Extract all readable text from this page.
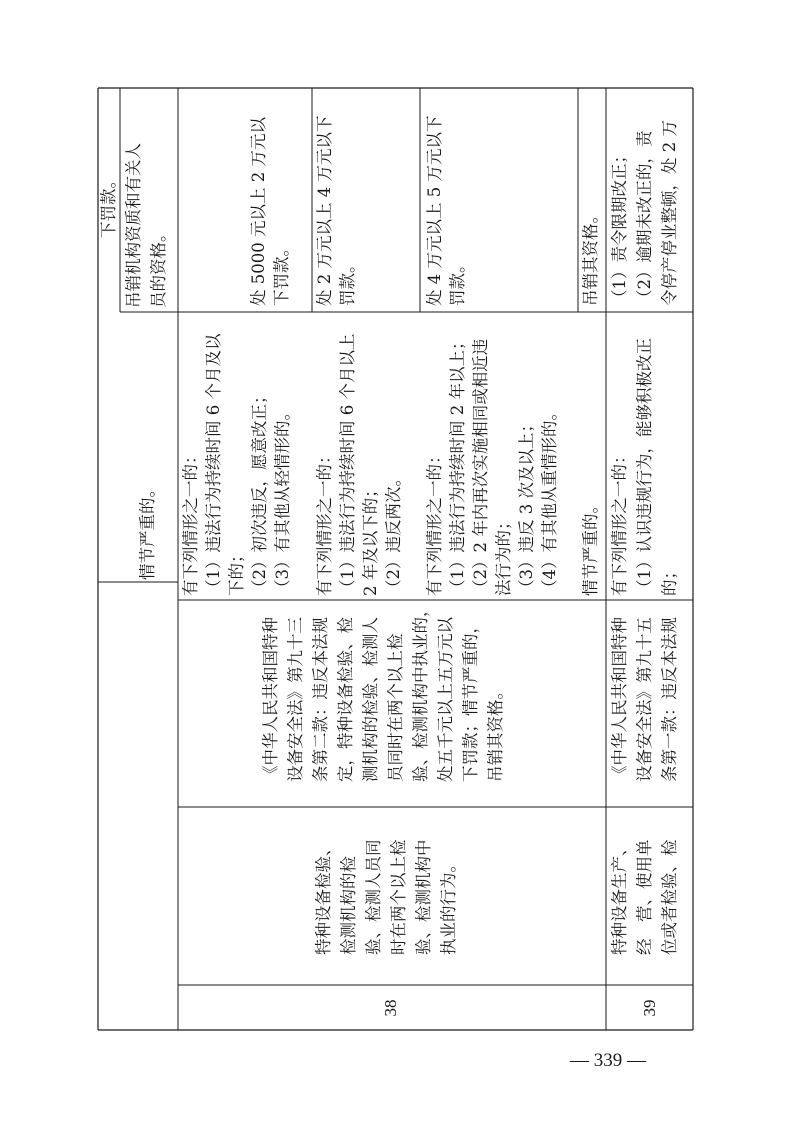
下罚款。
情节严重的。
吊销机构资质和有关人 员的资格。
38
特种设备检验、 检测机构的检 验、检测人员同 时在两个以上检 验、检测机构中 执业的行为。
《中华人民共和国特种 设备安全法》第九十三 条第二款：违反本法规 定，特种设备检验、检 测机构的检验、检测人 员同时在两个以上检 验、检测机构中执业的， 处五千元以上五万元以 下罚款；情节严重的， 吊销其资格。
有下列情形之一的： （1）违法行为持续时间 6 个月及以 下的； （2）初次违反，愿意改正； （3）有其他从轻情形的。
处 5000 元以上 2 万元以 下罚款。
有下列情形之一的： （1）违法行为持续时间 6 个月以上 2 年及以下的； （2）违反两次。
处 2 万元以上 4 万元以下 罚款。
有下列情形之一的： （1）违法行为持续时间 2 年以上； （2）2 年内再次实施相同或相近违 法行为的； （3）违反 3 次及以上； （4）有其他从重情形的。
处 4 万元以上 5 万元以下 罚款。
情节严重的。
吊销其资格。
39
特种设备生产、 经　营、使用单 位或者检验、检
《中华人民共和国特种 设备安全法》第九十五 条第一款：违反本法规
有下列情形之一的： （1）认识违规行为，能够积极改正 的；
（1）责令限期改正； （2）逾期未改正的，责 令停产停业整顿，处 2 万
— 339 —
